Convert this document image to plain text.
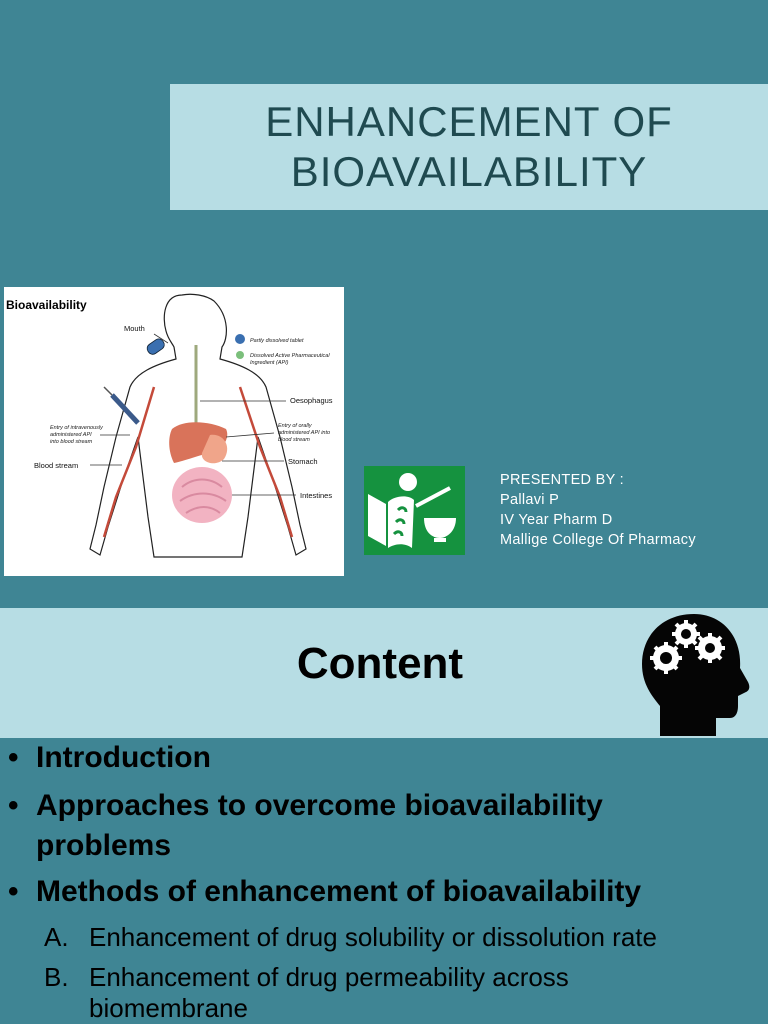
ENHANCEMENT OF
BIOAVAILABILITY
Bioavailability
Partly dissolved tablet
Dissolved Active Pharmaceutical
Ingredient (API)
Mouth
Oesophagus
Entry of orally
administered API into
blood stream
Stomach
Intestines
Entry of intravenously
administered API
into blood stream
Blood stream
PRESENTED BY :
Pallavi P
IV Year Pharm D
Mallige College Of Pharmacy
Content
• Introduction
• Approaches to overcome bioavailability
problems
• Methods of enhancement of bioavailability
A. Enhancement of drug solubility or dissolution rate
B. Enhancement of drug permeability across
biomembrane
